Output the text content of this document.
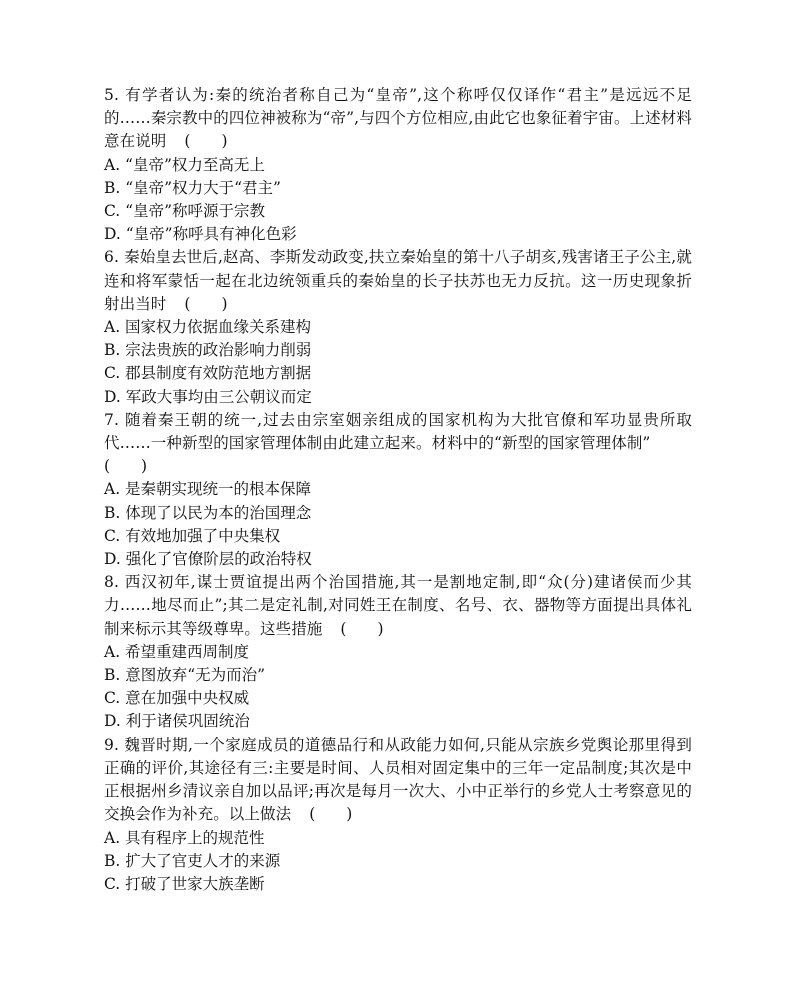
5. 有学者认为:秦的统治者称自己为“皇帝”,这个称呼仅仅译作“君主”是远远不足的……秦宗教中的四位神被称为“帝”,与四个方位相应,由此它也象征着宇宙。上述材料意在说明 (　　)

A. “皇帝”权力至高无上

B. “皇帝”权力大于“君主”

C. “皇帝”称呼源于宗教

D. “皇帝”称呼具有神化色彩

6. 秦始皇去世后,赵高、李斯发动政变,扶立秦始皇的第十八子胡亥,残害诸王子公主,就连和将军蒙恬一起在北边统领重兵的秦始皇的长子扶苏也无力反抗。这一历史现象折射出当时 (　　)

A. 国家权力依据血缘关系建构

B. 宗法贵族的政治影响力削弱

C. 郡县制度有效防范地方割据

D. 军政大事均由三公朝议而定

7. 随着秦王朝的统一,过去由宗室姻亲组成的国家机构为大批官僚和军功显贵所取代……一种新型的国家管理体制由此建立起来。材料中的“新型的国家管理体制”

(　　)

A. 是秦朝实现统一的根本保障

B. 体现了以民为本的治国理念

C. 有效地加强了中央集权

D. 强化了官僚阶层的政治特权

8. 西汉初年,谋士贾谊提出两个治国措施,其一是割地定制,即“众(分)建诸侯而少其力……地尽而止”;其二是定礼制,对同姓王在制度、名号、衣、器物等方面提出具体礼制来标示其等级尊卑。这些措施 (　　)

A. 希望重建西周制度

B. 意图放弃“无为而治”

C. 意在加强中央权威

D. 利于诸侯巩固统治

9. 魏晋时期,一个家庭成员的道德品行和从政能力如何,只能从宗族乡党舆论那里得到正确的评价,其途径有三:主要是时间、人员相对固定集中的三年一定品制度;其次是中正根据州乡清议亲自加以品评;再次是每月一次大、小中正举行的乡党人士考察意见的交换会作为补充。以上做法 (　　)

A. 具有程序上的规范性

B. 扩大了官吏人才的来源

C. 打破了世家大族垄断
